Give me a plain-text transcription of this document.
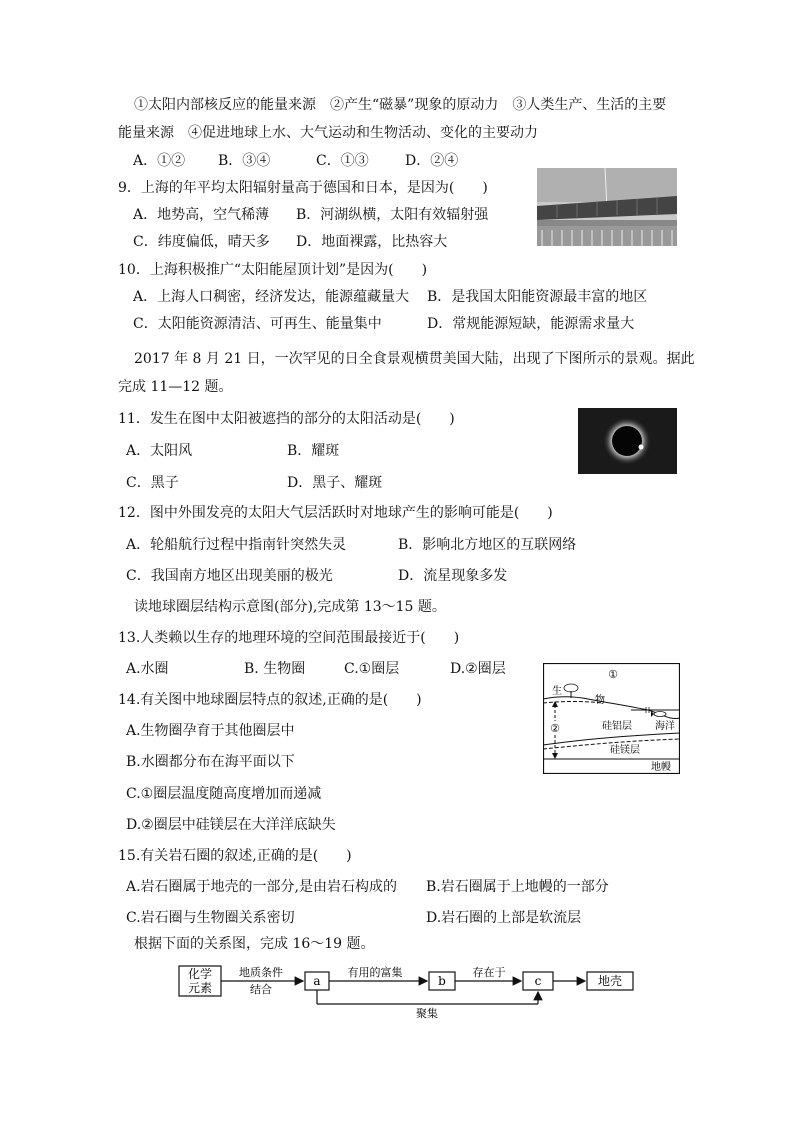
①太阳内部核反应的能量来源　②产生“磁暴”现象的原动力　③人类生产、生活的主要
能量来源　④促进地球上水、大气运动和生物活动、变化的主要动力
A．①② B．③④	C．①③	D．②④
9．上海的年平均太阳辐射量高于德国和日本，是因为(　　)
A．地势高，空气稀薄 B．河湖纵横，太阳有效辐射强
C．纬度偏低，晴天多 D．地面裸露，比热容大
10．上海积极推广“太阳能屋顶计划”是因为(　　)
A．上海人口稠密，经济发达，能源蕴藏量大 B．是我国太阳能资源最丰富的地区
C．太阳能资源清洁、可再生、能量集中	D．常规能源短缺，能源需求量大
2017 年 8 月 21 日，一次罕见的日全食景观横贯美国大陆，出现了下图所示的景观。据此
完成 11—12 题。
11．发生在图中太阳被遮挡的部分的太阳活动是(　　)
A．太阳风	B．耀斑
C．黑子	D．黑子、耀斑
12．图中外围发亮的太阳大气层活跃时对地球产生的影响可能是(　　)
A．轮船航行过程中指南针突然失灵	B．影响北方地区的互联网络
C．我国南方地区出现美丽的极光	D．流星现象多发
读地球圈层结构示意图(部分),完成第 13～15 题。
13.人类赖以生存的地理环境的空间范围最接近于(　　)
A.水圈	B. 生物圈	C.①圈层	D.②圈层
14.有关图中地球圈层特点的叙述,正确的是(　　)
A.生物圈孕育于其他圈层中
B.水圈都分布在海平面以下
C.①圈层温度随高度增加而递减
D.②圈层中硅镁层在大洋洋底缺失
①
生
物
硅铝层 海洋
硅镁层
地幔
②
15.有关岩石圈的叙述,正确的是(　　)
A.岩石圈属于地壳的一部分,是由岩石构成的 B.岩石圈属于上地幔的一部分
C.岩石圈与生物圈关系密切	D.岩石圈的上部是软流层
根据下面的关系图，完成 16～19 题。
化学
元素
地质条件
结合
a
有用的富集
b
存在于
c	地壳
聚集
